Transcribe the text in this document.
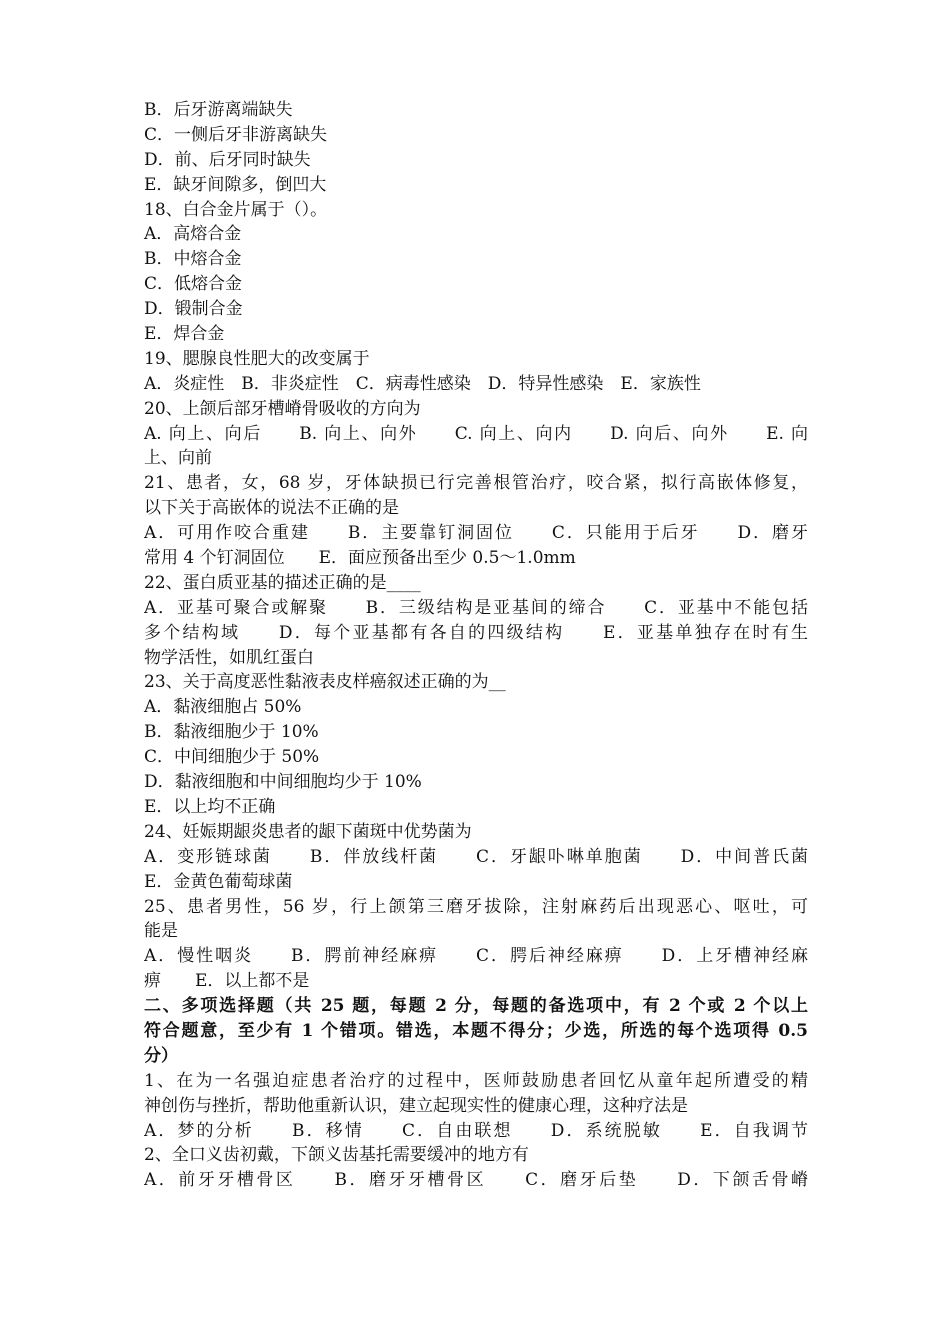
B．后牙游离端缺失
C．一侧后牙非游离缺失
D．前、后牙同时缺失
E．缺牙间隙多，倒凹大
18、白合金片属于（）。
A．高熔合金
B．中熔合金
C．低熔合金
D．锻制合金
E．焊合金
19、腮腺良性肥大的改变属于
A．炎症性　B．非炎症性　C．病毒性感染　D．特异性感染　E．家族性
20、上颌后部牙槽嵴骨吸收的方向为
A. 向上、向后　　B. 向上、向外　　C. 向上、向内　　D. 向后、向外　　E. 向
上、向前
21、患者，女，68 岁，牙体缺损已行完善根管治疗，咬合紧，拟行高嵌体修复，
以下关于高嵌体的说法不正确的是
A．可用作咬合重建　　B．主要靠钉洞固位　　C．只能用于后牙　　D．磨牙
常用 4 个钉洞固位　　E．面应预备出至少 0.5～1.0mm
22、蛋白质亚基的描述正确的是____
A．亚基可聚合或解聚　　B．三级结构是亚基间的缔合　　C．亚基中不能包括
多个结构域　　D．每个亚基都有各自的四级结构　　E．亚基单独存在时有生
物学活性，如肌红蛋白
23、关于高度恶性黏液表皮样癌叙述正确的为__
A．黏液细胞占 50%
B．黏液细胞少于 10%
C．中间细胞少于 50%
D．黏液细胞和中间细胞均少于 10%
E．以上均不正确
24、妊娠期龈炎患者的龈下菌斑中优势菌为
A．变形链球菌　　B．伴放线杆菌　　C．牙龈卟啉单胞菌　　D．中间普氏菌
E．金黄色葡萄球菌
25、患者男性，56 岁，行上颌第三磨牙拔除，注射麻药后出现恶心、呕吐，可
能是
A．慢性咽炎　　B．腭前神经麻痹　　C．腭后神经麻痹　　D．上牙槽神经麻
痹　　E．以上都不是
二、多项选择题（共 25 题，每题 2 分，每题的备选项中，有 2 个或 2 个以上
符合题意，至少有 1 个错项。错选，本题不得分；少选，所选的每个选项得 0.5
分）
1、在为一名强迫症患者治疗的过程中，医师鼓励患者回忆从童年起所遭受的精
神创伤与挫折，帮助他重新认识，建立起现实性的健康心理，这种疗法是
A．梦的分析　　B．移情　　C．自由联想　　D．系统脱敏　　E．自我调节
2、全口义齿初戴，下颌义齿基托需要缓冲的地方有
A．前牙牙槽骨区　　B．磨牙牙槽骨区　　C．磨牙后垫　　D．下颌舌骨嵴
